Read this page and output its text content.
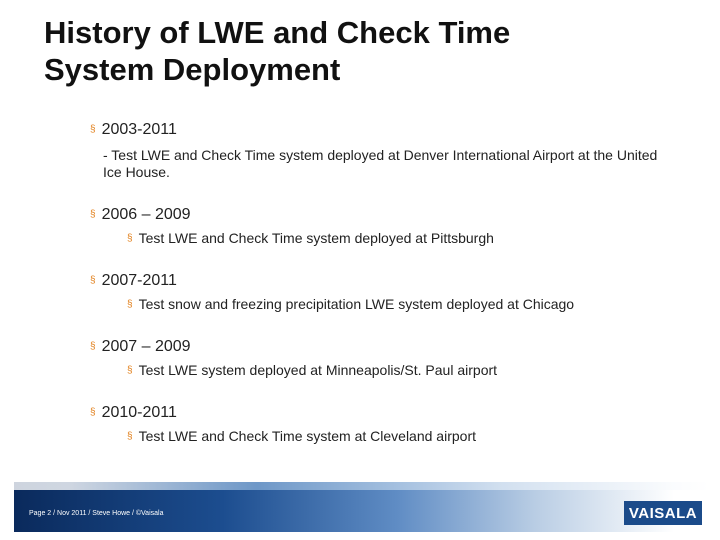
History of LWE and Check Time
System Deployment
§ 2003-2011
- Test LWE and Check Time system deployed at Denver International Airport at the United Ice House.
§ 2006 – 2009
§ Test LWE and Check Time system deployed at Pittsburgh
§ 2007-2011
§ Test snow and freezing precipitation LWE system deployed at Chicago
§ 2007 – 2009
§ Test LWE system deployed at Minneapolis/St. Paul airport
§ 2010-2011
§ Test LWE and Check Time system at Cleveland airport
Page 2 / Nov 2011 / Steve Howe / ©Vaisala	VAISALA
